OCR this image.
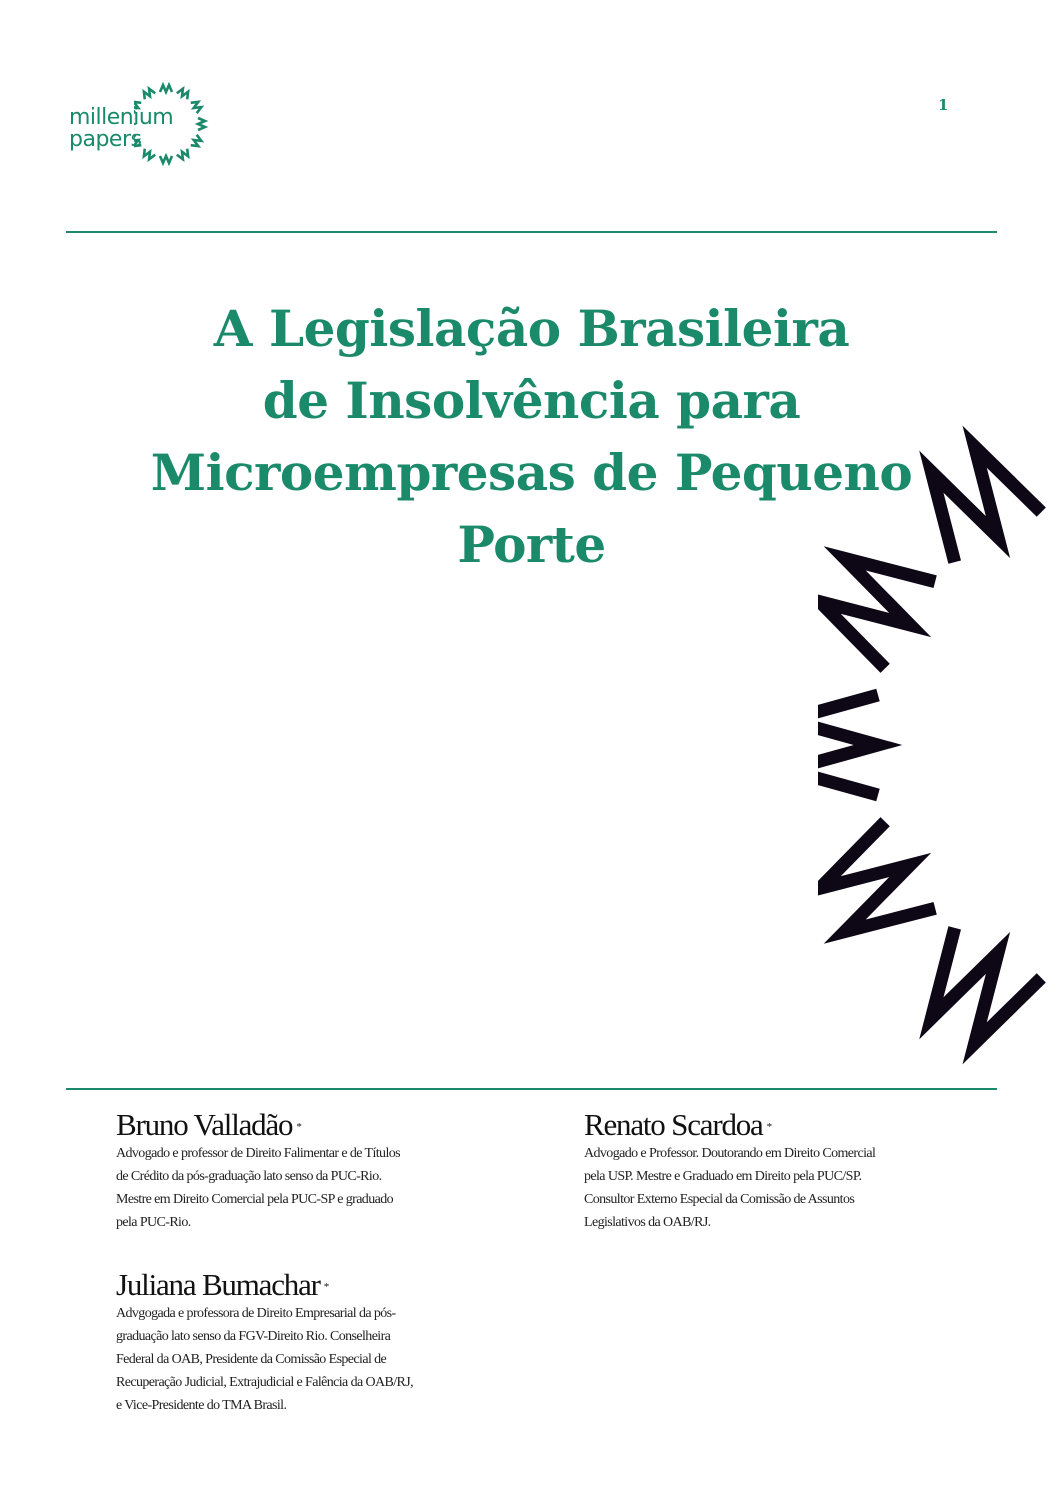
millenium
papers
1
A Legislação Brasileira
de Insolvência para
Microempresas de Pequeno
Porte
Bruno Valladão *
Advogado e professor de Direito Falimentar e de Títulos
de Crédito da pós-graduação lato senso da PUC-Rio.
Mestre em Direito Comercial pela PUC-SP e graduado
pela PUC-Rio.
Renato Scardoa *
Advogado e Professor. Doutorando em Direito Comercial
pela USP. Mestre e Graduado em Direito pela PUC/SP.
Consultor Externo Especial da Comissão de Assuntos
Legislativos da OAB/RJ.
Juliana Bumachar *
Advgogada e professora de Direito Empresarial da pós-
graduação lato senso da FGV-Direito Rio. Conselheira
Federal da OAB, Presidente da Comissão Especial de
Recuperação Judicial, Extrajudicial e Falência da OAB/RJ,
e Vice-Presidente do TMA Brasil.
